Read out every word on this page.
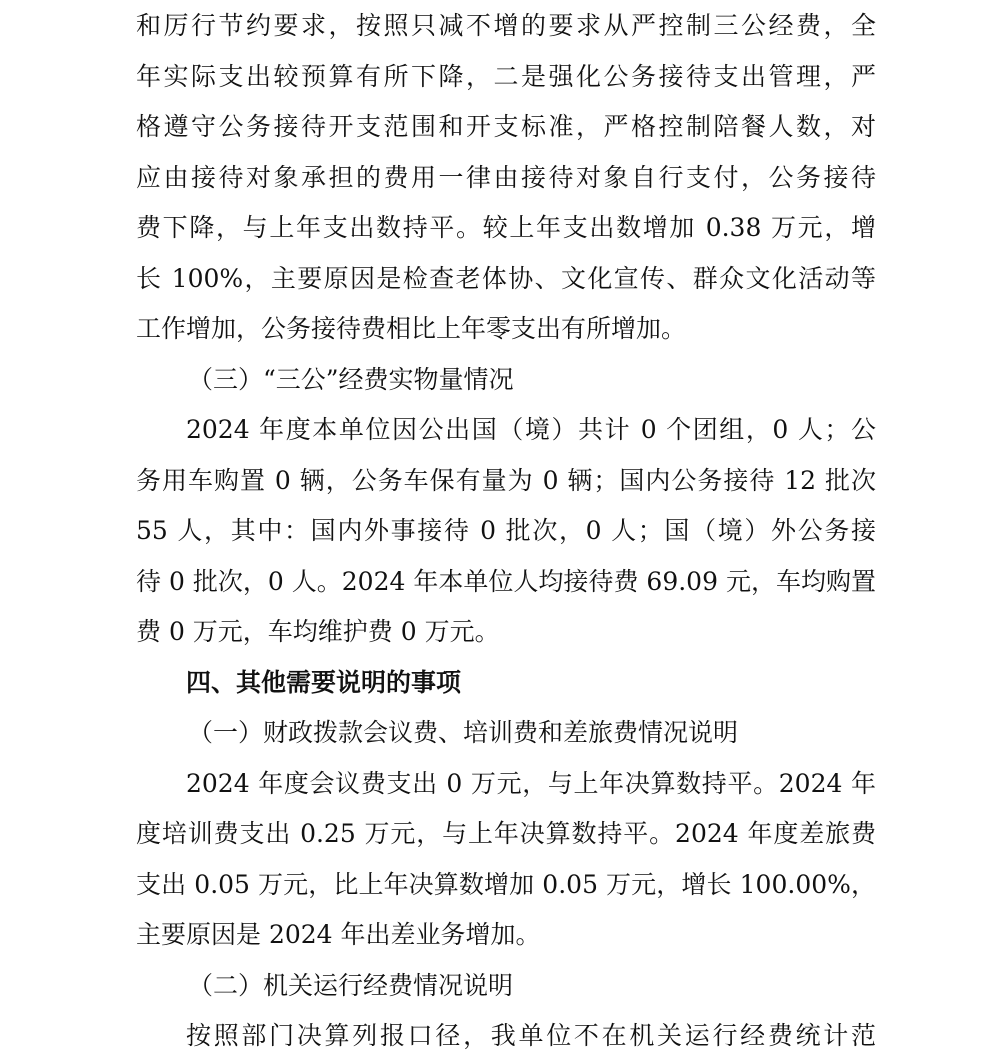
和厉行节约要求，按照只减不增的要求从严控制三公经费，全
年实际支出较预算有所下降，二是强化公务接待支出管理，严
格遵守公务接待开支范围和开支标准，严格控制陪餐人数，对
应由接待对象承担的费用一律由接待对象自行支付，公务接待
费下降，与上年支出数持平。较上年支出数增加 0.38 万元，增
长 100%，主要原因是检查老体协、文化宣传、群众文化活动等
工作增加，公务接待费相比上年零支出有所增加。
（三）“三公”经费实物量情况
2024 年度本单位因公出国（境）共计 0 个团组，0 人；公
务用车购置 0 辆，公务车保有量为 0 辆；国内公务接待 12 批次
55 人，其中：国内外事接待 0 批次，0 人；国（境）外公务接
待 0 批次，0 人。2024 年本单位人均接待费 69.09 元，车均购置
费 0 万元，车均维护费 0 万元。
四、其他需要说明的事项
（一）财政拨款会议费、培训费和差旅费情况说明
2024 年度会议费支出 0 万元，与上年决算数持平。2024 年
度培训费支出 0.25 万元，与上年决算数持平。2024 年度差旅费
支出 0.05 万元，比上年决算数增加 0.05 万元，增长 100.00%，
主要原因是 2024 年出差业务增加。
（二）机关运行经费情况说明
按照部门决算列报口径，我单位不在机关运行经费统计范
